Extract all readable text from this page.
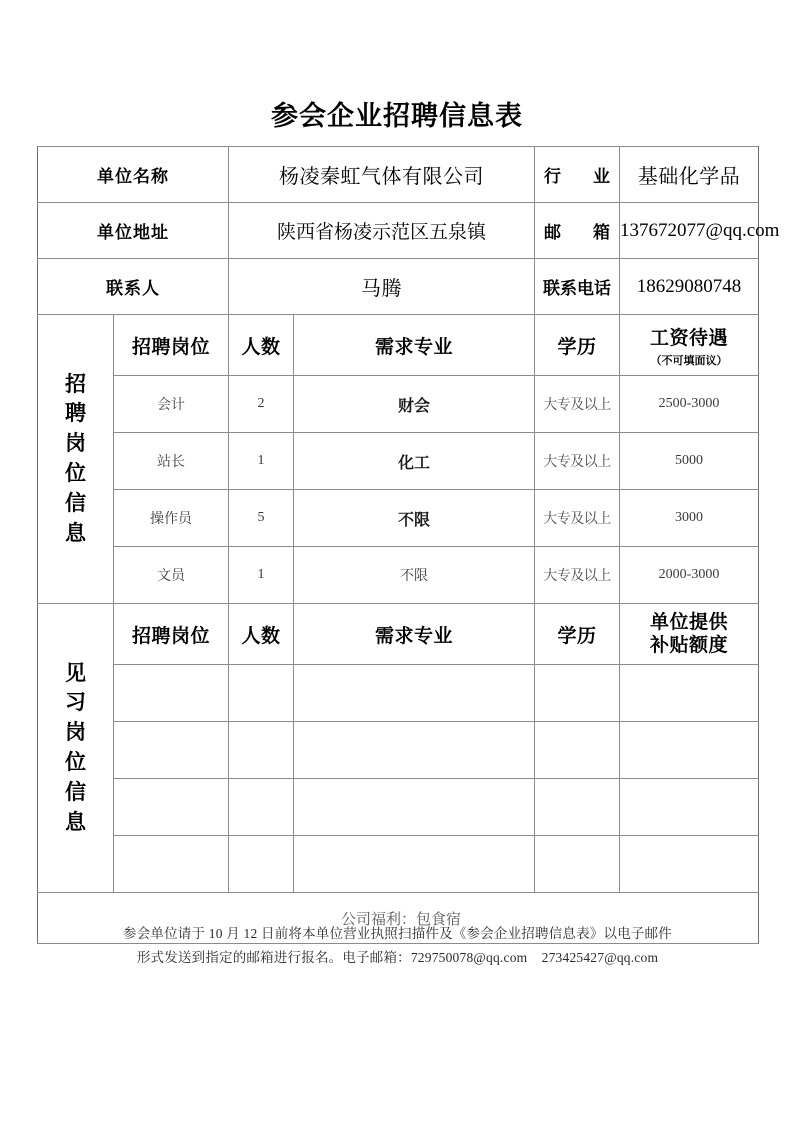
参会企业招聘信息表
单位名称		杨凌秦虹气体有限公司		行 业	基础化学品
单位地址		陕西省杨凌示范区五泉镇		邮 箱	137672077@qq.com
联系人		马腾		联系电话	18629080748

招
聘
岗
位
信
息
	招聘岗位	人数	需求专业	学历	工资待遇
（不可填面议）

	会计	2	财会	大专及以上	2500-3000
	站长	1	化工	大专及以上	5000
	操作员	5	不限	大专及以上	3000
	文员	1	不限	大专及以上	2000-3000

见
习
岗
位
信
息
	招聘岗位	人数	需求专业	学历	
单位提供
补贴额度

公司福利：包食宿					
参会单位请于 10 月 12 日前将本单位营业执照扫描件及《参会企业招聘信息表》以电子邮件
形式发送到指定的邮箱进行报名。电子邮箱：729750078@qq.com    273425427@qq.com
